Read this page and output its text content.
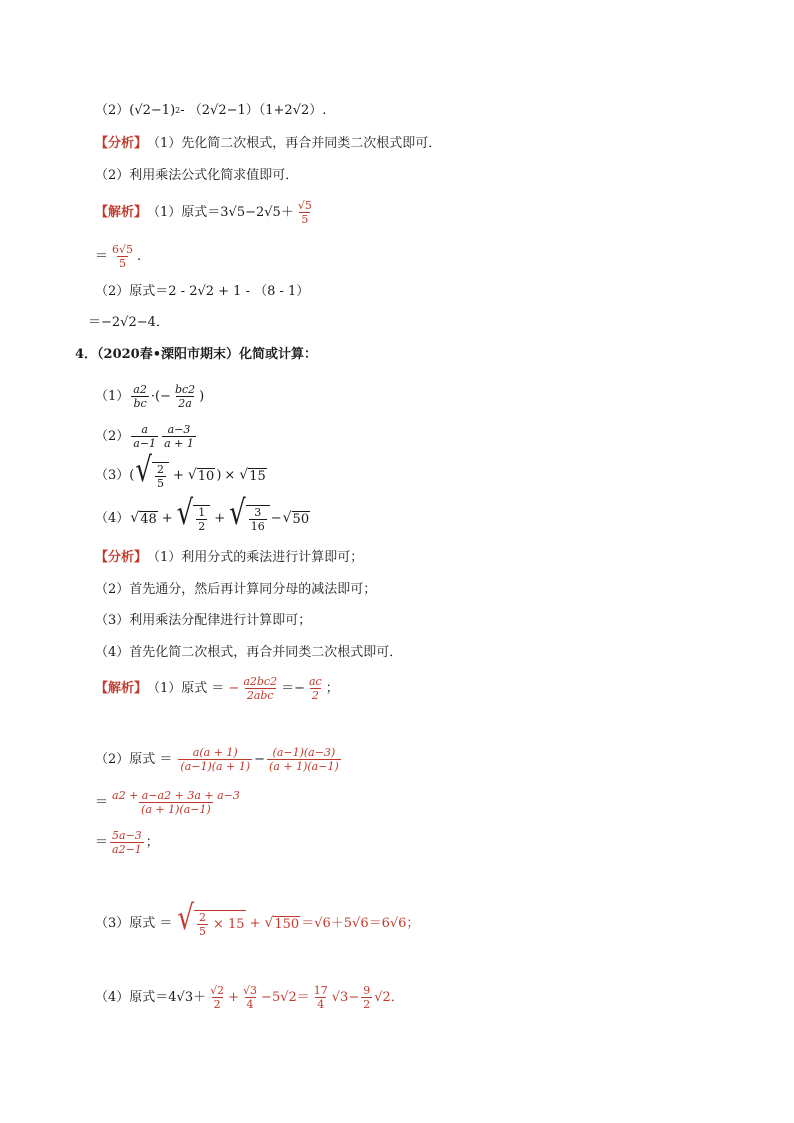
（2） (√2−1) 2 - （2√2−1）（1+2√2）.
【分析】 （1）先化简二次根式，再合并同类二次根式即可．
（2）利用乘法公式化简求值即可．
【解析】 （1）原式$=3√5-2√5+ \frac{√5}{5}$
＝ $\frac{6√5}{5}$ .
（2）原式＝2 - 2√2 + 1 - （8 - 1）
＝−2√2−4．
4．（2020春•溧阳市期末）化简或计算：
$(1) \frac{a2}{bc}$ ·(− $\frac{bc2}{2a}$ )
$(2) \frac{a}{a-1} \frac{a-3}{a + 1}$
（3） ( √ $\frac{2}{5}$ + √ 10 ) × √ 15
（4） √ 48 + √ $\frac{1}{2}$ + √ $\frac{3}{16}$ − √ 50
【分析】 （1）利用分式的乘法进行计算即可；
（2）首先通分，然后再计算同分母的减法即可；
（3）利用乘法分配律进行计算即可；
（4）首先化简二次根式，再合并同类二次根式即可．
【解析】 （1）原式 ＝ − $\frac{a2bc2}{\text{2abc}} =- \frac{ac}{2}$ ；
（2）原式 ＝ $\frac{a(a + 1)}{(a-1)(a + 1)} - \frac{(a-1)(a-3)}{(a + 1)(a-1)}$
＝ $\frac{a2 + a-a2 + 3a + a-3}{(a + 1)(a-1)}$
＝ $\frac{5a-3}{a2-1}$ ；
（3）原式 ＝ √ $\frac{2}{5} \times 15$ + √ 150 ＝√6＋5√6＝6√6；
（4）原式$=4√3+ \frac{√2}{2} + \frac{√3}{4} -5√2= \frac{17}{4} √3- \frac{9}{2} √2$．
